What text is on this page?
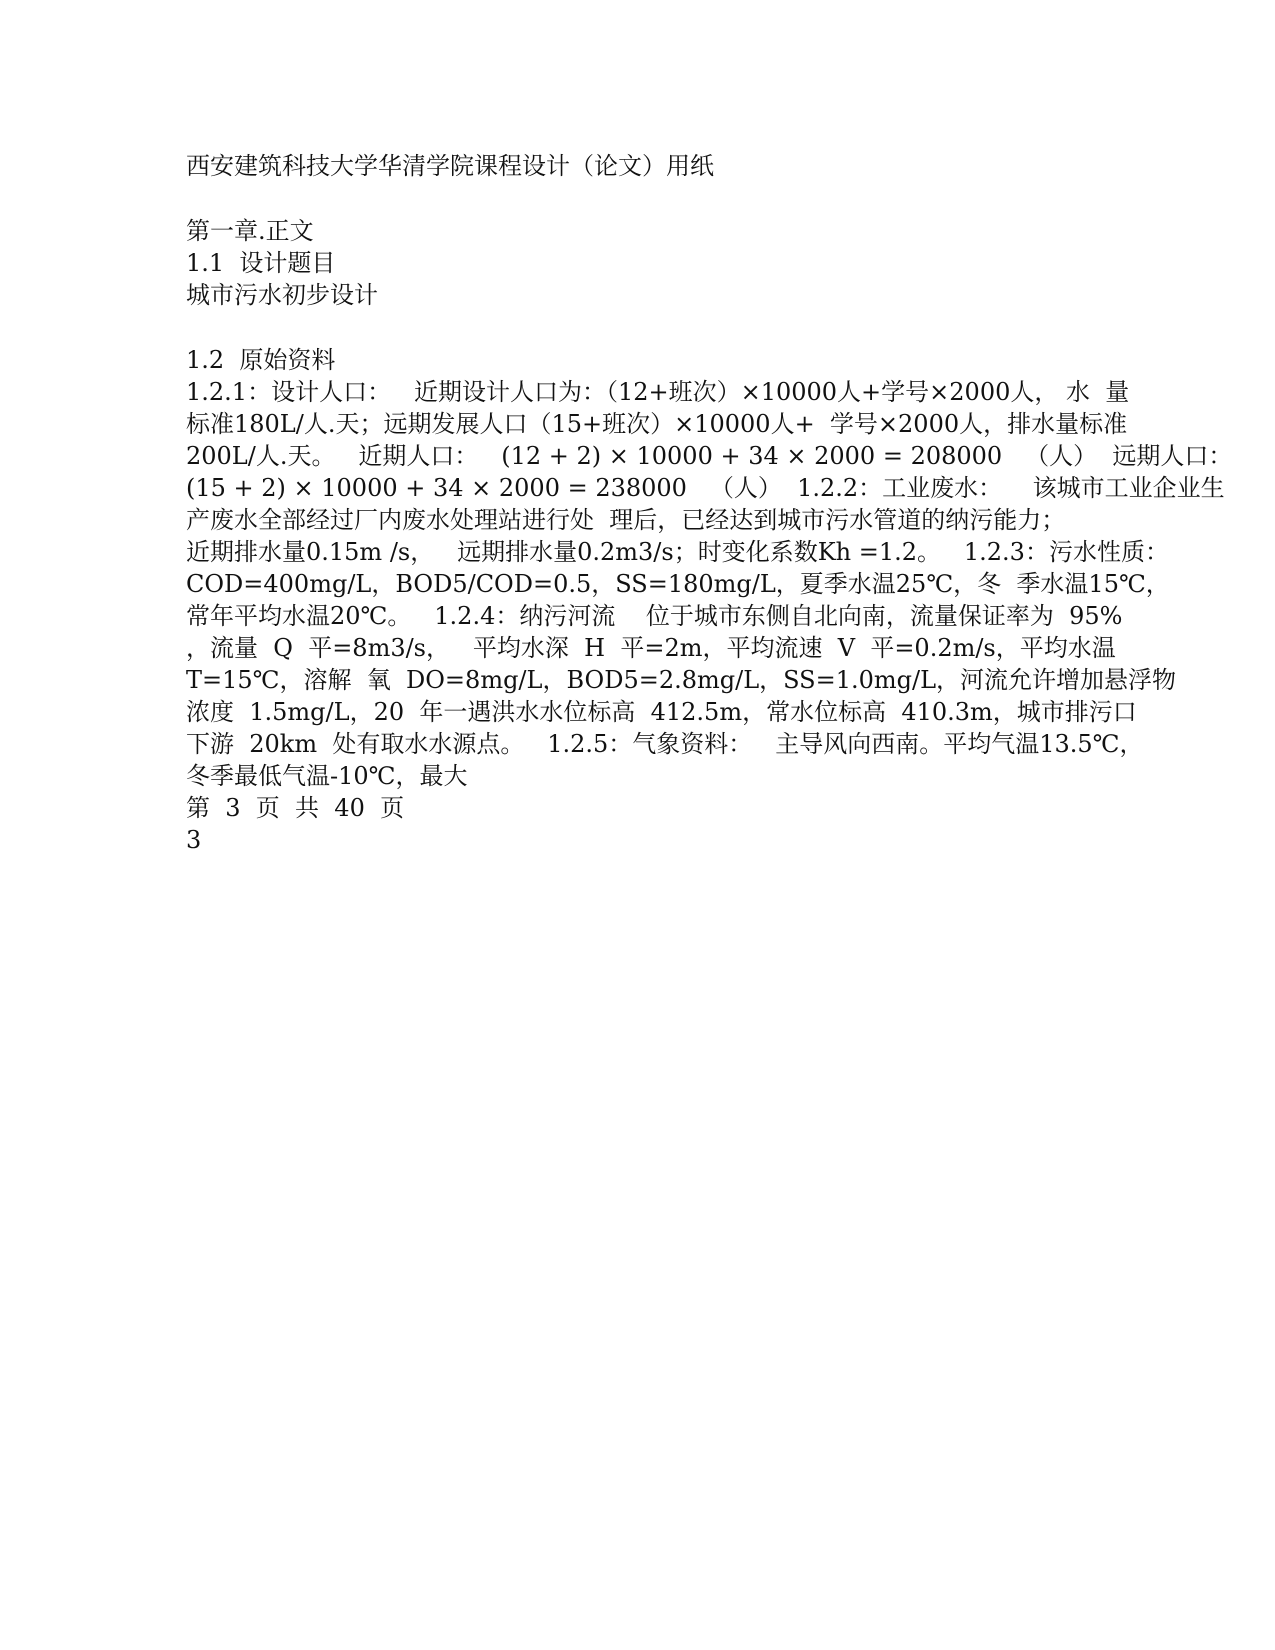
西安建筑科技大学华清学院课程设计（论文）用纸
第一章.正文
1.1  设计题目
城市污水初步设计
1.2  原始资料
1.2.1：设计人口：   近期设计人口为：（12+班次）×10000人+学号×2000人， 水  量
标准180L/人.天；远期发展人口（15+班次）×10000人+  学号×2000人，排水量标准
200L/人.天。   近期人口：   (12 + 2) × 10000 + 34 × 2000 = 208000   （人）  远期人口：
(15 + 2) × 10000 + 34 × 2000 = 238000   （人）  1.2.2：工业废水：    该城市工业企业生
产废水全部经过厂内废水处理站进行处  理后，已经达到城市污水管道的纳污能力；
近期排水量0.15m /s，   远期排水量0.2m3/s；时变化系数Kh =1.2。   1.2.3：污水性质：
COD=400mg/L，BOD5/COD=0.5，SS=180mg/L，夏季水温25℃，冬  季水温15℃，
常年平均水温20℃。   1.2.4：纳污河流    位于城市东侧自北向南，流量保证率为  95%
，流量  Q  平=8m3/s，   平均水深  H  平=2m，平均流速  V  平=0.2m/s，平均水温
T=15℃，溶解  氧  DO=8mg/L，BOD5=2.8mg/L，SS=1.0mg/L，河流允许增加悬浮物
浓度  1.5mg/L，20  年一遇洪水水位标高  412.5m，常水位标高  410.3m，城市排污口
下游  20km  处有取水水源点。   1.2.5：气象资料：   主导风向西南。平均气温13.5℃，
冬季最低气温-10℃，最大
第  3  页  共  40  页
3
